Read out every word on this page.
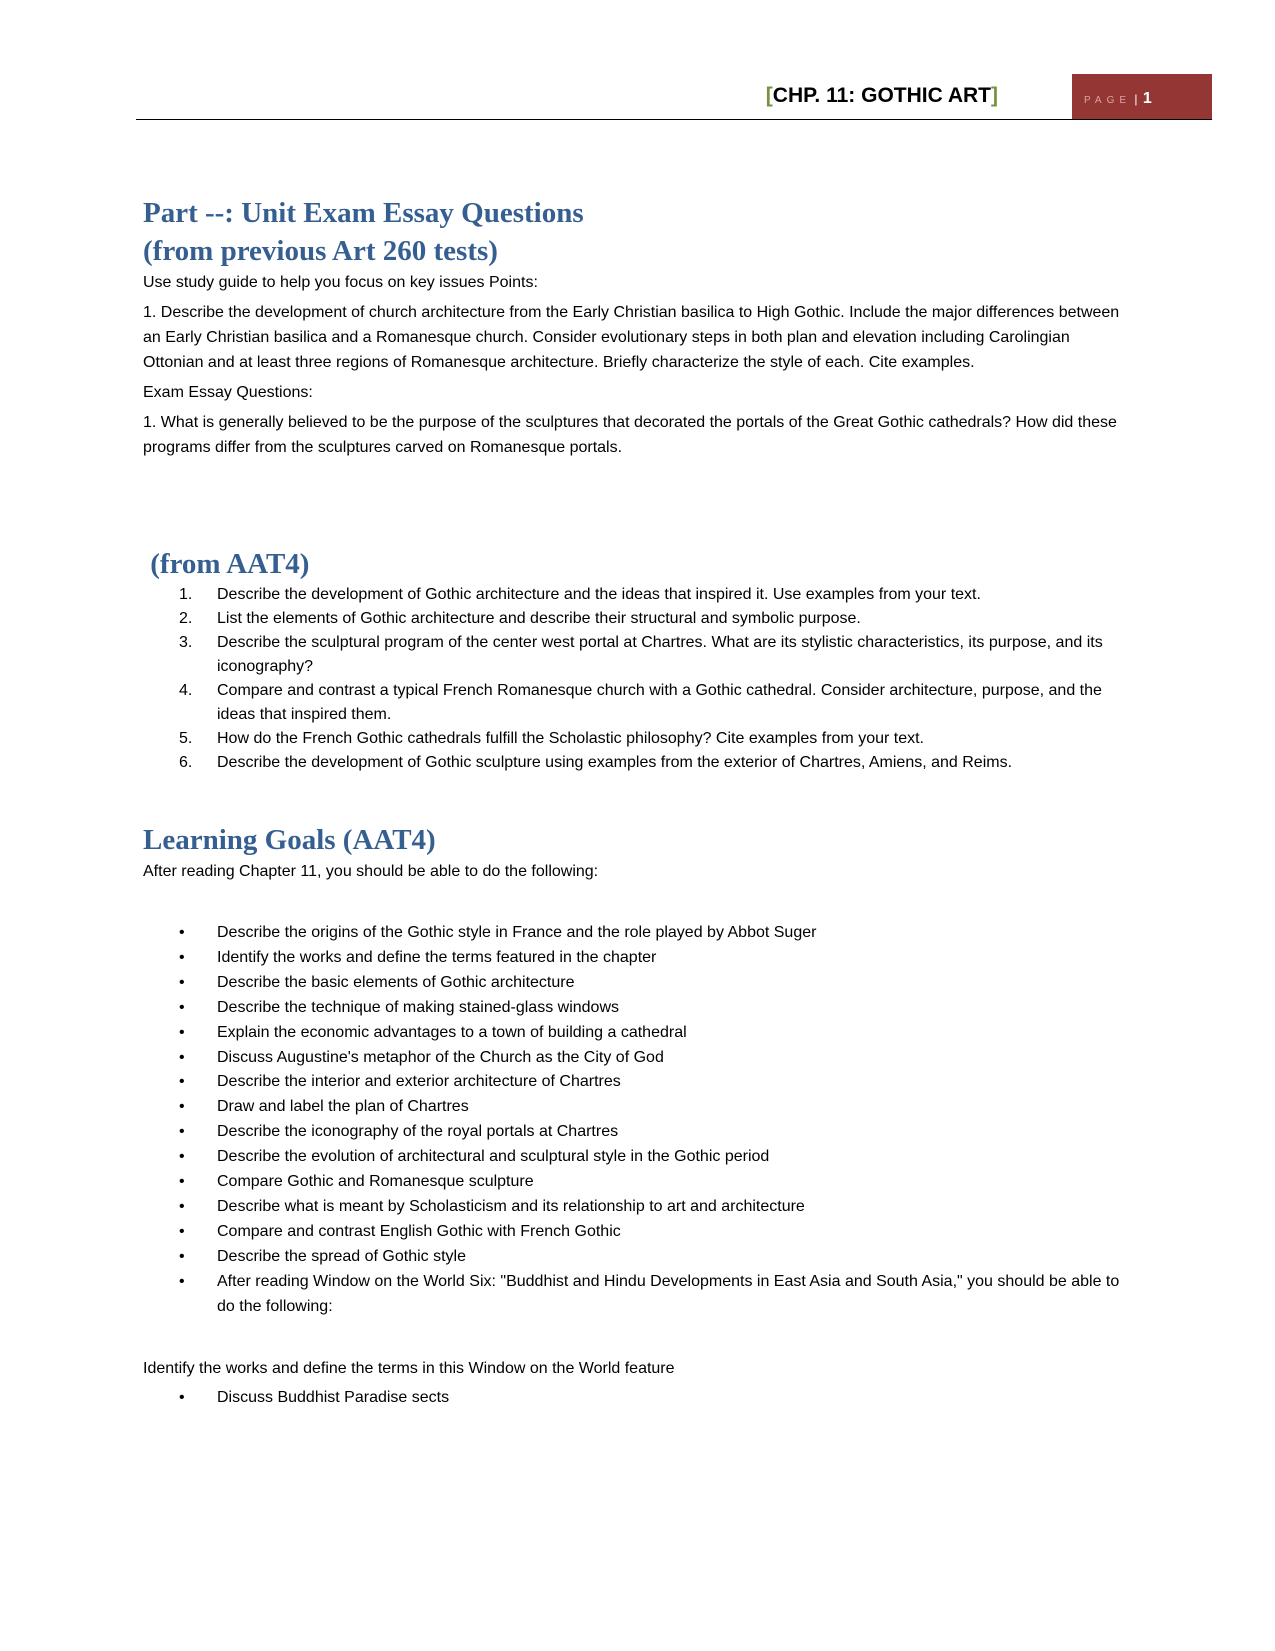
[CHP. 11: GOTHIC ART]	PAGE | 1
Part --: Unit Exam Essay Questions
(from previous Art 260 tests)

Use study guide to help you focus on key issues Points:

1. Describe the development of church architecture from the Early Christian basilica to High Gothic. Include the major differences between an Early Christian basilica and a Romanesque church. Consider evolutionary steps in both plan and elevation including Carolingian Ottonian and at least three regions of Romanesque architecture. Briefly characterize the style of each. Cite examples.

Exam Essay Questions:

1. What is generally believed to be the purpose of the sculptures that decorated the portals of the Great Gothic cathedrals? How did these programs differ from the sculptures carved on Romanesque portals.

(from AAT4)
1. Describe the development of Gothic architecture and the ideas that inspired it. Use examples from your text.
2. List the elements of Gothic architecture and describe their structural and symbolic purpose.
3. Describe the sculptural program of the center west portal at Chartres. What are its stylistic characteristics, its purpose, and its iconography?
4. Compare and contrast a typical French Romanesque church with a Gothic cathedral. Consider architecture, purpose, and the ideas that inspired them.
5. How do the French Gothic cathedrals fulfill the Scholastic philosophy? Cite examples from your text.
6. Describe the development of Gothic sculpture using examples from the exterior of Chartres, Amiens, and Reims.
Learning Goals (AAT4)

After reading Chapter 11, you should be able to do the following:

• Describe the origins of the Gothic style in France and the role played by Abbot Suger
• Identify the works and define the terms featured in the chapter
• Describe the basic elements of Gothic architecture
• Describe the technique of making stained-glass windows
• Explain the economic advantages to a town of building a cathedral
• Discuss Augustine's metaphor of the Church as the City of God
• Describe the interior and exterior architecture of Chartres
• Draw and label the plan of Chartres
• Describe the iconography of the royal portals at Chartres
• Describe the evolution of architectural and sculptural style in the Gothic period
• Compare Gothic and Romanesque sculpture
• Describe what is meant by Scholasticism and its relationship to art and architecture
• Compare and contrast English Gothic with French Gothic
• Describe the spread of Gothic style
• After reading Window on the World Six: "Buddhist and Hindu Developments in East Asia and South Asia," you should be able to do the following:

Identify the works and define the terms in this Window on the World feature

• Discuss Buddhist Paradise sects
